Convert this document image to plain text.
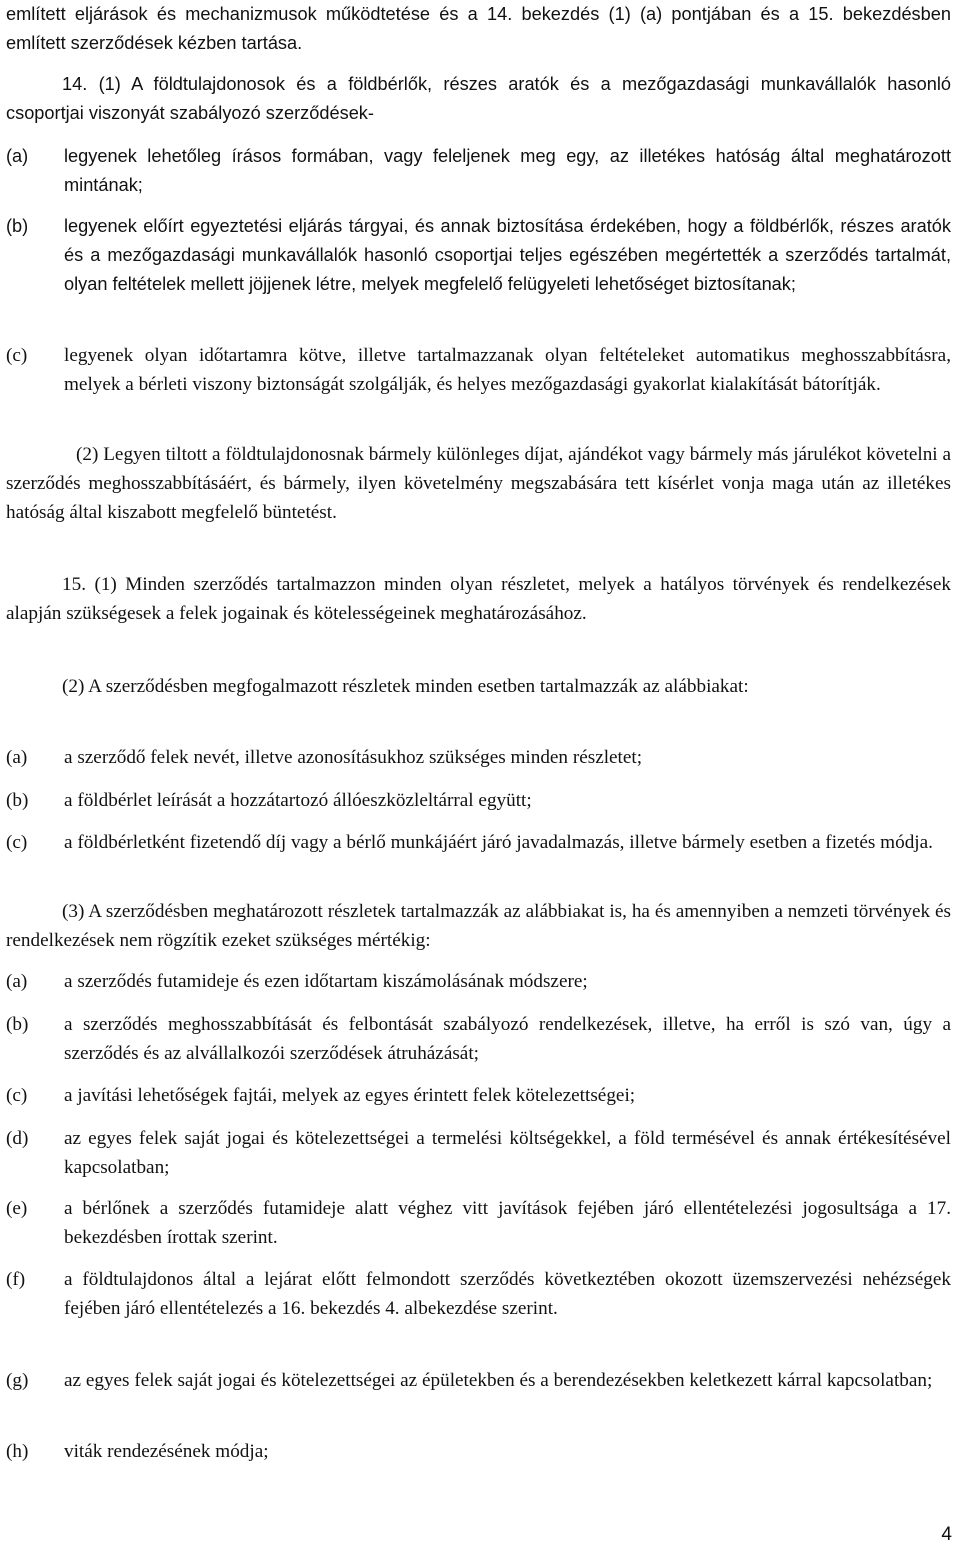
említett eljárások és mechanizmusok működtetése és a 14. bekezdés (1) (a) pontjában és a 15. bekezdésben említett szerződések kézben tartása.

14. (1) A földtulajdonosok és a földbérlők, részes aratók és a mezőgazdasági munkavállalók hasonló csoportjai viszonyát szabályozó szerződések-

(a)	legyenek lehetőleg írásos formában, vagy feleljenek meg egy, az illetékes hatóság által meghatározott mintának;
(b)	legyenek előírt egyeztetési eljárás tárgyai, és annak biztosítása érdekében, hogy a földbérlők, részes aratók és a mezőgazdasági munkavállalók hasonló csoportjai teljes egészében megértették a szerződés tartalmát, olyan feltételek mellett jöjjenek létre, melyek megfelelő felügyeleti lehetőséget biztosítanak;
(c)	legyenek olyan időtartamra kötve, illetve tartalmazzanak olyan feltételeket automatikus meghosszabbításra, melyek a bérleti viszony biztonságát szolgálják, és helyes mezőgazdasági gyakorlat kialakítását bátorítják.

(2) Legyen tiltott a földtulajdonosnak bármely különleges díjat, ajándékot vagy bármely más járulékot követelni a szerződés meghosszabbításáért, és bármely, ilyen követelmény megszabására tett kísérlet vonja maga után az illetékes hatóság által kiszabott megfelelő büntetést.

15. (1) Minden szerződés tartalmazzon minden olyan részletet, melyek a hatályos törvények és rendelkezések alapján szükségesek a felek jogainak és kötelességeinek meghatározásához.

(2) A szerződésben megfogalmazott részletek minden esetben tartalmazzák az alábbiakat:

(a)	a szerződő felek nevét, illetve azonosításukhoz szükséges minden részletet;
(b)	a földbérlet leírását a hozzátartozó állóeszközleltárral együtt;
(c)	a földbérletként fizetendő díj vagy a bérlő munkájáért járó javadalmazás, illetve bármely esetben a fizetés módja.

(3) A szerződésben meghatározott részletek tartalmazzák az alábbiakat is, ha és amennyiben a nemzeti törvények és rendelkezések nem rögzítik ezeket szükséges mértékig:

(a)	a szerződés futamideje és ezen időtartam kiszámolásának módszere;
(b)	a szerződés meghosszabbítását és felbontását szabályozó rendelkezések, illetve, ha erről is szó van, úgy a szerződés és az alvállalkozói szerződések átruházását;
(c)	a javítási lehetőségek fajtái, melyek az egyes érintett felek kötelezettségei;
(d)	az egyes felek saját jogai és kötelezettségei a termelési költségekkel, a föld termésével és annak értékesítésével kapcsolatban;
(e)	a bérlőnek a szerződés futamideje alatt véghez vitt javítások fejében járó ellentételezési jogosultsága a 17. bekezdésben írottak szerint.
(f)	a földtulajdonos által a lejárat előtt felmondott szerződés következtében okozott üzemszervezési nehézségek fejében járó ellentételezés a 16. bekezdés 4. albekezdése szerint.
(g)	az egyes felek saját jogai és kötelezettségei az épületekben és a berendezésekben keletkezett kárral kapcsolatban;
(h)	viták rendezésének módja;
4
